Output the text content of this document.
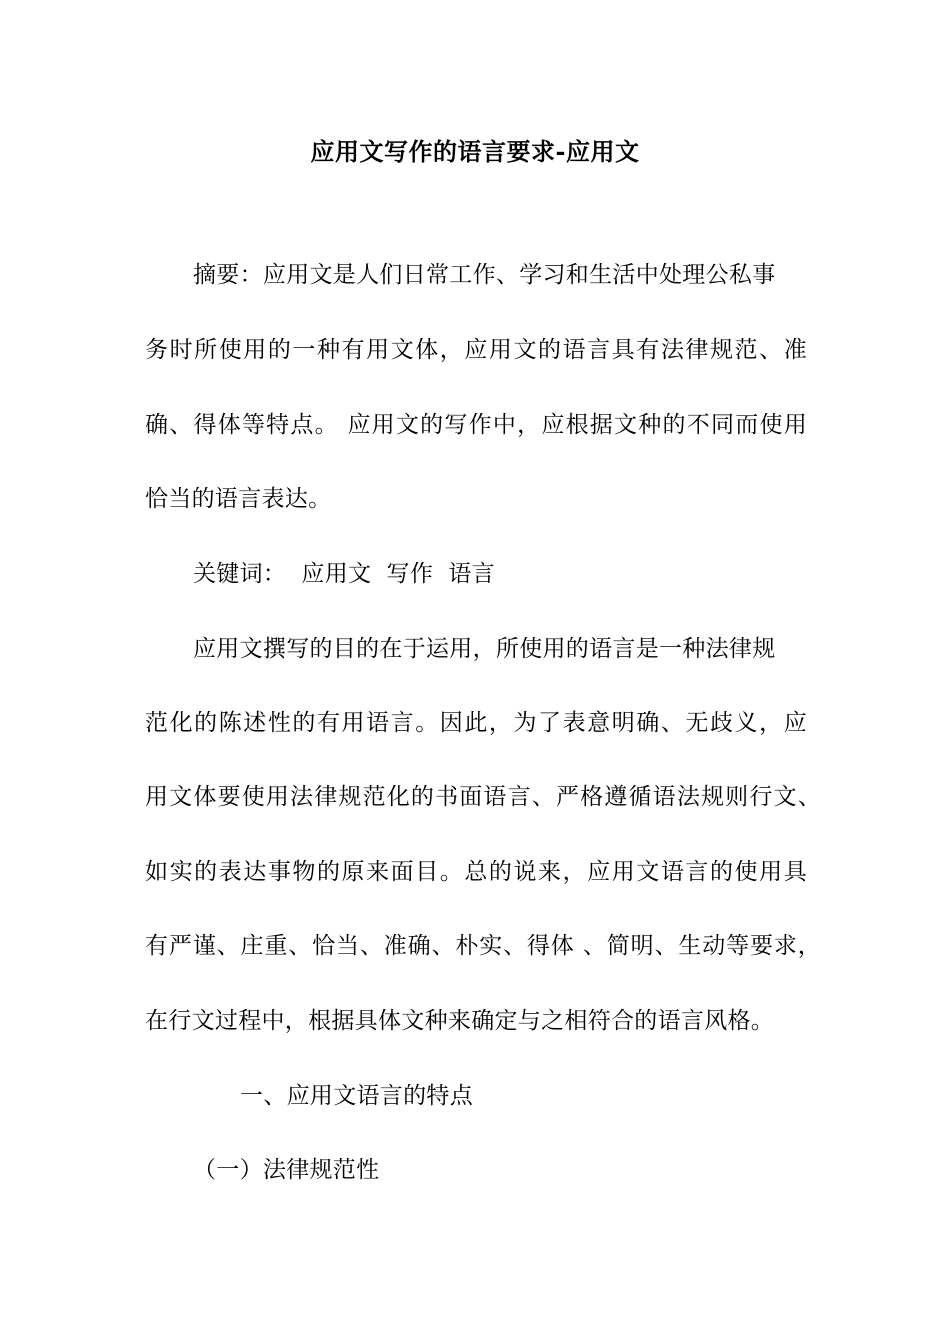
应用文写作的语言要求-应用文

摘要：应用文是人们日常工作、学习和生活中处理公私事

务时所使用的一种有用文体，应用文的语言具有法律规范、准

确、得体等特点。 应用文的写作中，应根据文种的不同而使用

恰当的语言表达。

关键词：  应用文  写作  语言

应用文撰写的目的在于运用，所使用的语言是一种法律规

范化的陈述性的有用语言。因此，为了表意明确、无歧义，应

用文体要使用法律规范化的书面语言、严格遵循语法规则行文、

如实的表达事物的原来面目。总的说来，应用文语言的使用具

有严谨、庄重、恰当、准确、朴实、得体 、简明、生动等要求，

在行文过程中，根据具体文种来确定与之相符合的语言风格。

一、应用文语言的特点

（一）法律规范性
